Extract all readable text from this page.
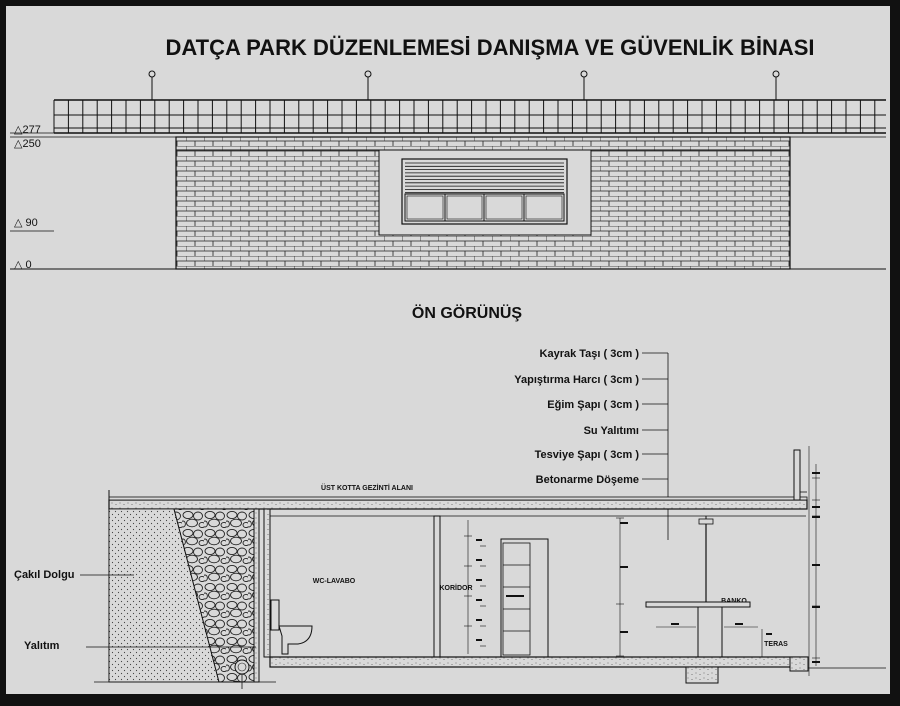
DATÇA PARK DÜZENLEMESİ DANIŞMA VE GÜVENLİK BİNASI
△277
△250
△ 90
△ 0
ÖN GÖRÜNÜŞ
Kayrak Taşı ( 3cm )
Yapıştırma Harcı ( 3cm )
Eğim Şapı ( 3cm )
Su Yalıtımı
Tesviye Şapı ( 3cm )
Betonarme Döşeme
ÜST KOTTA GEZİNTİ ALANI
Çakıl Dolgu
Yalıtım
WC-LAVABO
KORİDOR
TERAS
